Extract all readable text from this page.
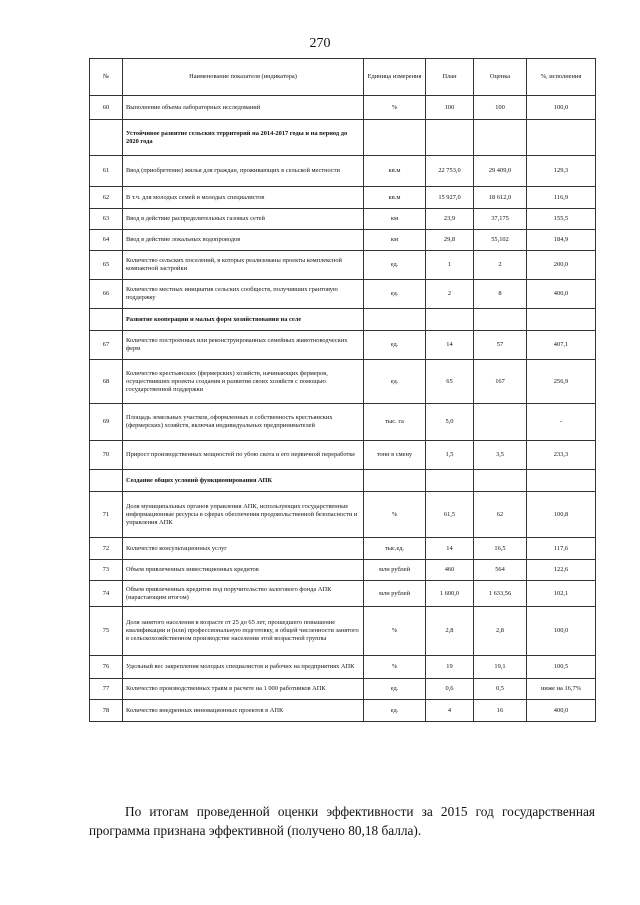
270
№	Наименование показателя (индикатора)	Единица измерения	План	Оценка	%, исполнения
60	Выполнение объема лабораторных исследований	%	100	100	100,0
	Устойчивое развитие сельских территорий на 2014-2017 годы и на период до 2020 года				
61	Ввод (приобретение) жилья для граждан, проживающих в сельской местности	кв.м	22 753,0	29 409,0	129,3
62	В т.ч. для молодых семей и молодых специалистов	кв.м	15 927,0	18 612,0	116,9
63	Ввод в действие распределительных газовых сетей	км	23,9	37,175	155,5
64	Ввод в действие локальных водопроводов	км	29,8	55,102	184,9
65	Количество сельских поселений, в которых реализованы проекты комплексной компактной застройки	ед.	1	2	200,0
66	Количество местных инициатив сельских сообществ, получивших грантовую поддержку	ед.	2	8	400,0
	Развитие кооперации и малых форм хозяйствования на селе				
67	Количество построенных или реконструированных семейных животноводческих ферм	ед.	14	57	407,1
68	Количество крестьянских (фермерских) хозяйств, начинающих фермеров, осуществивших проекты создания и развития своих хозяйств с помощью государственной поддержки	ед.	65	167	256,9
69	Площадь земельных участков, оформленных в собственность крестьянских (фермерских) хозяйств, включая индивидуальных предпринимателей	тыс. га	5,0		-
70	Прирост производственных мощностей по убою скота и его первичной переработке	тонн в смену	1,5	3,5	233,3
	Создание общих условий функционирования АПК				
71	Доля муниципальных органов управления АПК, использующих государственные информационные ресурсы в сферах обеспечения продовольственной безопасности и управления АПК	%	61,5	62	100,8
72	Количество консультационных услуг	тыс.ед.	14	16,5	117,6
73	Объем привлеченных инвестиционных кредитов	млн рублей	460	564	122,6
74	Объем привлеченных кредитов под поручительство залогового фонда АПК (нарастающим итогом)	млн рублей	1 600,0	1 633,56	102,1
75	Доля занятого населения в возрасте от 25 до 65 лет, прошедшего повышение квалификации и (или) профессиональную подготовку, в общей численности занятого в сельскохозяйственном производстве населения этой возрастной группы	%	2,8	2,8	100,0
76	Удельный вес закрепления молодых специалистов и рабочих на предприятиях АПК	%	19	19,1	100,5
77	Количество производственных травм в расчете на 1 000 работников АПК	ед.	0,6	0,5	ниже на 16,7%
78	Количество внедренных инновационных проектов в АПК	ед.	4	16	400,0
По итогам проведенной оценки эффективности за 2015 год государственная программа признана эффективной (получено 80,18 балла).
